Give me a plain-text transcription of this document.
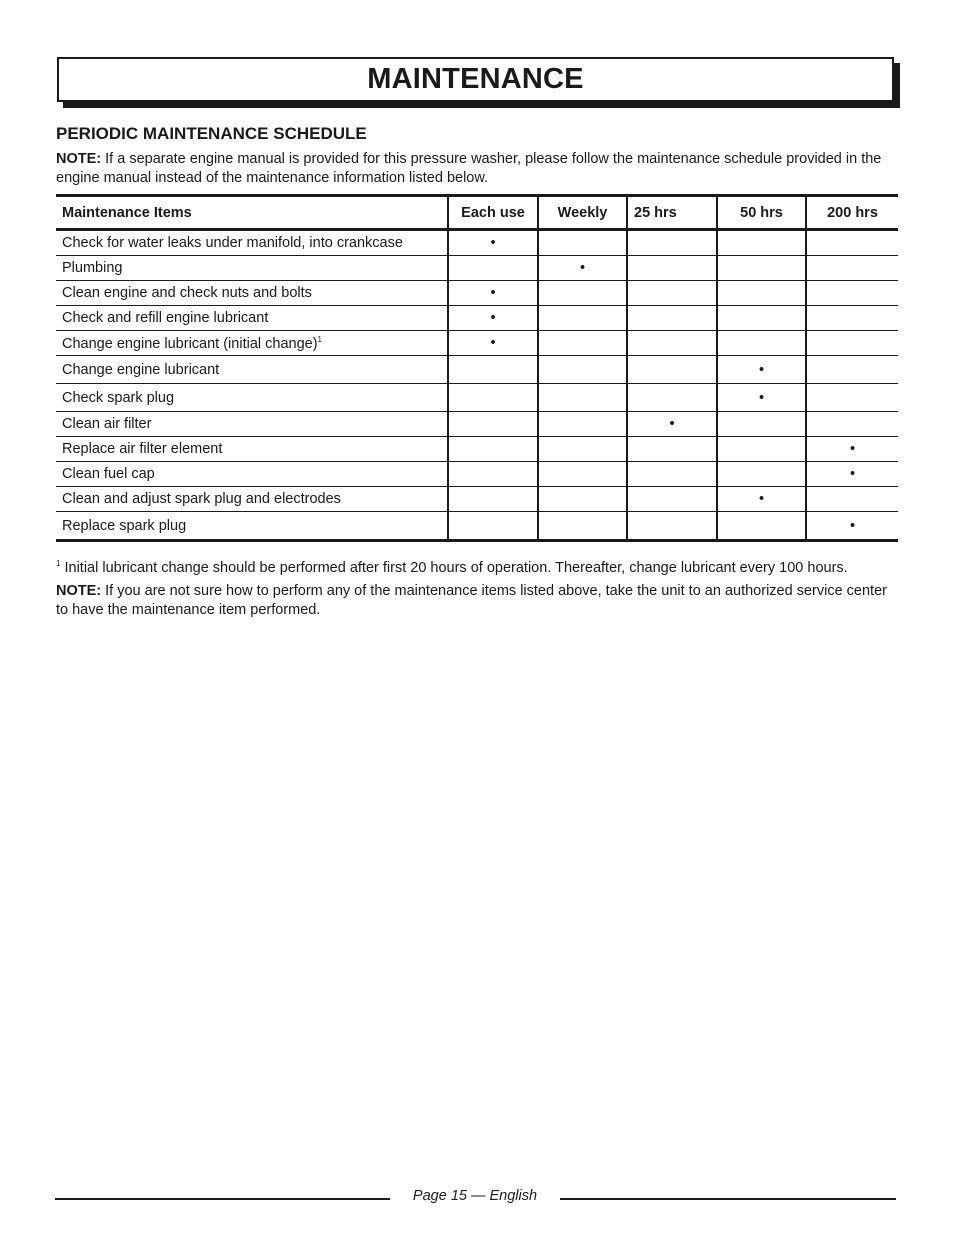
MAINTENANCE
PERIODIC MAINTENANCE SCHEDULE
NOTE: If a separate engine manual is provided for this pressure washer, please follow the maintenance schedule provided in the engine manual instead of the maintenance information listed below.
Maintenance Items	Each use	Weekly	25 hrs	50 hrs	200 hrs
Check for water leaks under manifold, into crankcase	•				
Plumbing		•			
Clean engine and check nuts and bolts	•				
Check and refill engine lubricant	•				
Change engine lubricant (initial change)$^1$	•				
Change engine lubricant				•	
Check spark plug				•	
Clean air filter			•		
Replace air filter element					•
Clean fuel cap					•
Clean and adjust spark plug and electrodes				•	
Replace spark plug					•
$^1$ Initial lubricant change should be performed after first 20 hours of operation. Thereafter, change lubricant every 100 hours.
NOTE: If you are not sure how to perform any of the maintenance items listed above, take the unit to an authorized service center to have the maintenance item performed.
Page 15 — English
